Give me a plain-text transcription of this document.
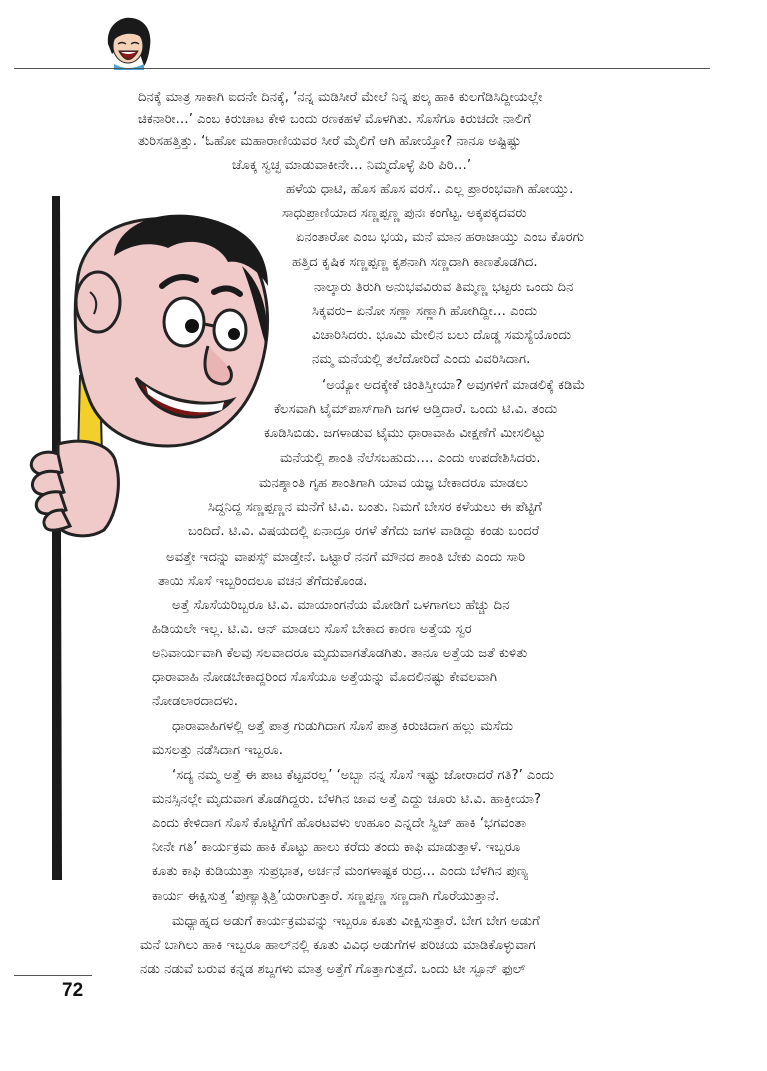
ದಿನಕ್ಕೆ ಮಾತ್ರ ಸಾಕಾಗಿ ಐದನೇ ದಿನಕ್ಕೆ, ‘ನನ್ನ ಮಡಿಸೀರೆ ಮೇಲೆ ನಿನ್ನ ಪಲ್ಕ ಹಾಕಿ ಕುಲಗೆಡಿಸಿದ್ದೀಯಲ್ಲೇ

ಚಿಕನಾರೀ…’ ಎಂಬ ಕಿರುಚಾಟ ಕೇಳಿ ಬಂದು ರಣಕಹಳೆ ಮೊಳಗಿತು. ಸೊಸೆಗೂ ಕಿರುಚದೇ ನಾಲಿಗೆ

ತುರಿಸಹತ್ತಿತ್ತು. ‘ಓಹೋ ಮಹಾರಾಣಿಯವರ ಸೀರೆ ಮೈಲಿಗೆ ಆಗಿ ಹೋಯ್ತೋ? ನಾನೂ ಅಷ್ಟಿಷ್ಟು

ಚೊಕ್ಕ ಸ್ವಚ್ಛ ಮಾಡುವಾಕೀನೇ… ನಿಮ್ಮದೊಳ್ಳೆ ಪಿರಿ ಪಿರಿ…’

ಹಳೆಯ ಧಾಟಿ, ಹೊಸ ಹೊಸ ವರಸೆ.. ಎಲ್ಲ ಪ್ರಾರಂಭವಾಗಿ ಹೋಯ್ತು.

ಸಾಧುಪ್ರಾಣಿಯಾದ ಸಣ್ಣಪ್ಪಣ್ಣ ಪುನಃ ಕಂಗೆಟ್ಟ. ಅಕ್ಕಪಕ್ಕದವರು

ಏನಂತಾರೋ ಎಂಬ ಭಯ, ಮನೆ ಮಾನ ಹರಾಜಾಯ್ತು ಎಂಬ ಕೊರಗು

ಹತ್ತಿದ ಕೃಷಿಕ ಸಣ್ಣಪ್ಪಣ್ಣ ಕೃಶನಾಗಿ ಸಣ್ಣದಾಗಿ ಕಾಣತೊಡಗಿದ.

ನಾಲ್ಕಾರು ತಿರುಗಿ ಅನುಭವವಿರುವ ತಿಮ್ಮಣ್ಣ ಭಟ್ಟರು ಒಂದು ದಿನ

ಸಿಕ್ಕವರು– ಏನೋ ಸಣ್ಣಾ ಸಣ್ಣಾಗಿ ಹೋಗಿದ್ದೀ… ಎಂದು

ವಿಚಾರಿಸಿದರು. ಭೂಮಿ ಮೇಲಿನ ಬಲು ದೊಡ್ಡ ಸಮಸ್ಯೆಯೊಂದು

ನಮ್ಮ ಮನೆಯಲ್ಲಿ ತಲೆದೋರಿದೆ ಎಂದು ವಿವರಿಸಿದಾಗ.

‘ಅಯ್ಯೋ ಅದಕ್ಕೇಕೆ ಚಿಂತಿಸ್ತೀಯಾ? ಅವುಗಳಿಗೆ ಮಾಡಲಿಕ್ಕೆ ಕಡಿಮೆ

ಕೆಲಸವಾಗಿ ಟೈಮ್‌ಪಾಸ್‌ಗಾಗಿ ಜಗಳ ಆಡ್ತಿದಾರೆ. ಒಂದು ಟಿ.ವಿ. ತಂದು

ಕೂಡಿಸಿಬಿಡು. ಜಗಳಾಡುವ ಟೈಮು ಧಾರಾವಾಹಿ ವೀಕ್ಷಣೆಗೆ ಮೀಸಲಿಟ್ಟು

ಮನೆಯಲ್ಲಿ ಶಾಂತಿ ನೆಲೆಸಬಹುದು…. ಎಂದು ಉಪದೇಶಿಸಿದರು.

ಮನಶ್ಶಾಂತಿ ಗೃಹ ಶಾಂತಿಗಾಗಿ ಯಾವ ಯಜ್ಞ ಬೇಕಾದರೂ ಮಾಡಲು

ಸಿದ್ಧನಿದ್ದ ಸಣ್ಣಪ್ಪಣ್ಣನ ಮನೆಗೆ ಟಿ.ವಿ. ಬಂತು. ನಿಮಗೆ ಬೇಸರ ಕಳೆಯಲು ಈ ಪೆಟ್ಟಿಗೆ

ಬಂದಿದೆ. ಟಿ.ವಿ. ವಿಷಯದಲ್ಲಿ ಏನಾದ್ರೂ ರಗಳೆ ತೆಗೆದು ಜಗಳ ವಾಡಿದ್ದು ಕಂಡು ಬಂದರೆ

ಅವತ್ತೇ ಇದನ್ನು ವಾಪಸ್ಸ್ ಮಾಡ್ತೇನೆ. ಒಟ್ಟಾರೆ ನನಗೆ ಮೌನದ ಶಾಂತಿ ಬೇಕು ಎಂದು ಸಾರಿ

ತಾಯಿ ಸೊಸೆ ಇಬ್ಬರಿಂದಲೂ ವಚನ ತೆಗೆದುಕೊಂಡ.

ಅತ್ತೆ ಸೊಸೆಯರಿಬ್ಬರೂ ಟಿ.ವಿ. ಮಾಯಾಂಗನೆಯ ಮೋಡಿಗೆ ಒಳಗಾಗಲು ಹೆಚ್ಚು ದಿನ

ಹಿಡಿಯಲೇ ಇಲ್ಲ. ಟಿ.ವಿ. ಆನ್ ಮಾಡಲು ಸೊಸೆ ಬೇಕಾದ ಕಾರಣ ಅತ್ತೆಯ ಸ್ವರ

ಅನಿವಾರ್ಯವಾಗಿ ಕೆಲವು ಸಲವಾದರೂ ಮೃದುವಾಗತೊಡಗಿತು. ತಾನೂ ಅತ್ತೆಯ ಜತೆ ಕುಳಿತು

ಧಾರಾವಾಹಿ ನೋಡಬೇಕಾದ್ದರಿಂದ ಸೊಸೆಯೂ ಅತ್ತೆಯನ್ನು ಮೊದಲಿನಷ್ಟು ಕೇವಲವಾಗಿ

ನೋಡಲಾರದಾದಳು.

ಧಾರಾವಾಹಿಗಳಲ್ಲಿ ಅತ್ತೆ ಪಾತ್ರ ಗುಡುಗಿದಾಗ ಸೊಸೆ ಪಾತ್ರ ಕಿರುಚಿದಾಗ ಹಲ್ಲು ಮಸೆದು

ಮಸಲತ್ತು ನಡೆಸಿದಾಗ ಇಬ್ಬರೂ.

‘ಸದ್ಯ ನಮ್ಮ ಅತ್ತೆ ಈ ಪಾಟ ಕೆಟ್ಟವರಲ್ಲ’ ‘ಅಬ್ಬಾ ನನ್ನ ಸೊಸೆ ಇಷ್ಟು ಜೋರಾದರೆ ಗತಿ?’ ಎಂದು

ಮನಸ್ಸಿನಲ್ಲೇ ಮೃದುವಾಗ ತೊಡಗಿದ್ದರು. ಬೆಳಗಿನ ಜಾವ ಅತ್ತೆ ಎದ್ದು ಚೂರು ಟಿ.ವಿ. ಹಾಕ್ತೀಯಾ?

ಎಂದು ಕೇಳಿದಾಗ ಸೊಸೆ ಕೊಟ್ಟಿಗೆಗೆ ಹೊರಟವಳು ಉಹೂಂ ಎನ್ನದೇ ಸ್ವಿಚ್ ಹಾಕಿ ‘ಭಗವಂತಾ

ನೀನೇ ಗತಿ’ ಕಾರ್ಯಕ್ರಮ ಹಾಕಿ ಕೊಟ್ಟು ಹಾಲು ಕರೆದು ತಂದು ಕಾಫಿ ಮಾಡುತ್ತಾಳೆ. ಇಬ್ಬರೂ

ಕೂತು ಕಾಫಿ ಕುಡಿಯುತ್ತಾ ಸುಪ್ರಭಾತ, ಅರ್ಚನೆ ಮಂಗಳಾಷ್ಟಕ ರುದ್ರ… ಎಂದು ಬೆಳಗಿನ ಪುಣ್ಯ

ಕಾರ್ಯ ಈಕ್ಷಿಸುತ್ತ ‘ಪುಣ್ಯಾತ್ಗಿತ್ತಿ’ಯರಾಗುತ್ತಾರೆ. ಸಣ್ಣಪ್ಪಣ್ಣ ಸಣ್ಣದಾಗಿ ಗೊರೆಯುತ್ತಾನೆ.

ಮಧ್ಯಾಹ್ನದ ಅಡುಗೆ ಕಾರ್ಯಕ್ರಮವನ್ನು ಇಬ್ಬರೂ ಕೂತು ವೀಕ್ಷಿಸುತ್ತಾರೆ. ಬೇಗ ಬೇಗ ಅಡುಗೆ

ಮನೆ ಬಾಗಿಲು ಹಾಕಿ ಇಬ್ಬರೂ ಹಾಲ್‌ನಲ್ಲಿ ಕೂತು ವಿವಿಧ ಅಡುಗೆಗಳ ಪರಿಚಯ ಮಾಡಿಕೊಳ್ಳುವಾಗ

ನಡು ನಡುವೆ ಬರುವ ಕನ್ನಡ ಶಬ್ದಗಳು ಮಾತ್ರ ಅತ್ತೆಗೆ ಗೊತ್ತಾಗುತ್ತದೆ. ಒಂದು ಟೀ ಸ್ಪೂನ್ ಫುಲ್

72
